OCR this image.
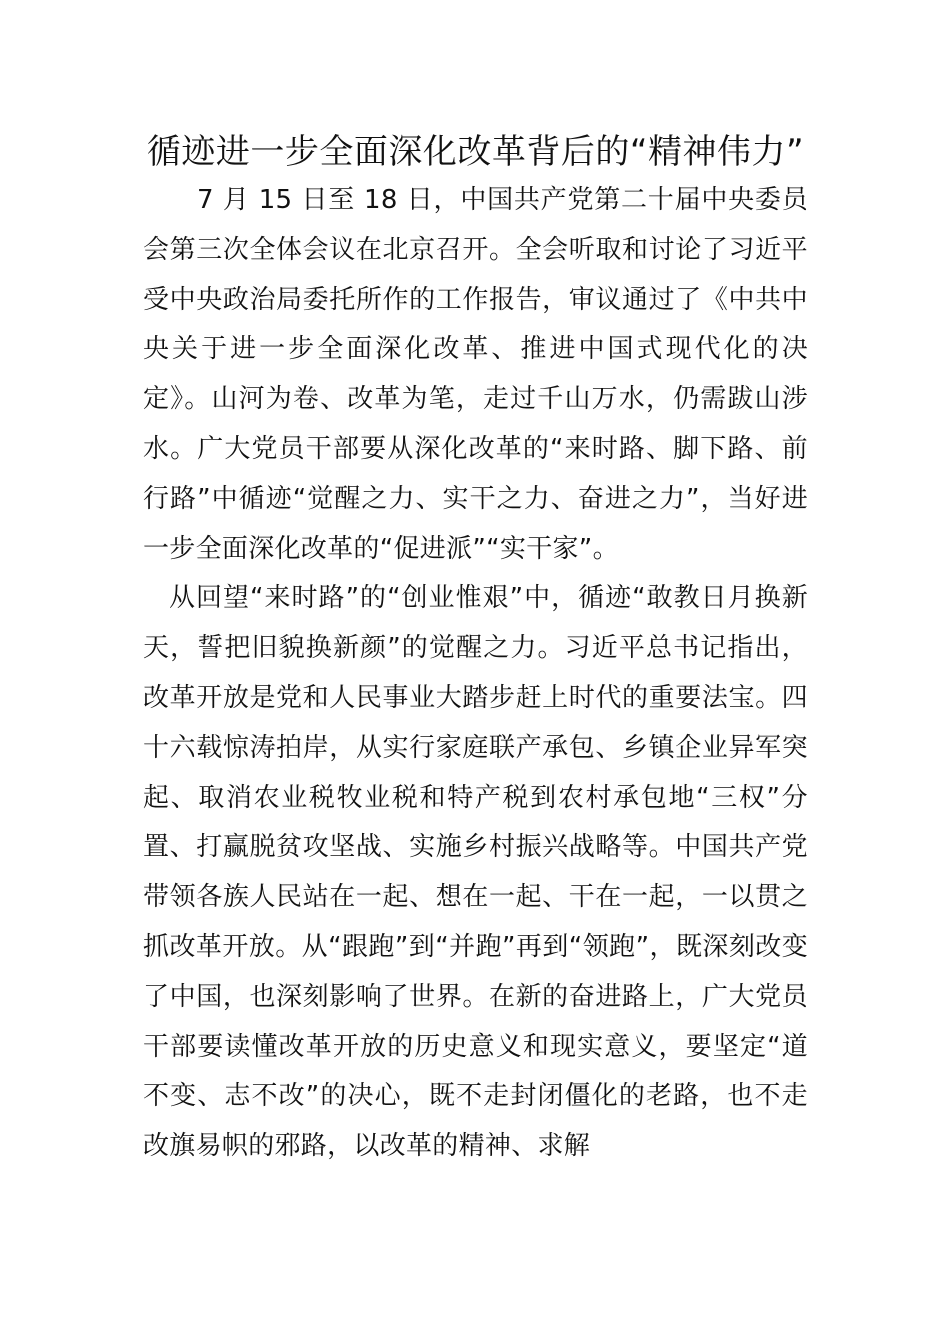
循迹进一步全面深化改革背后的“精神伟力”

7 月 15 日至 18 日，中国共产党第二十届中央委员会第三次全体会议在北京召开。全会听取和讨论了习近平受中央政治局委托所作的工作报告，审议通过了《中共中央关于进一步全面深化改革、推进中国式现代化的决定》。山河为卷、改革为笔，走过千山万水，仍需跋山涉水。广大党员干部要从深化改革的“来时路、脚下路、前行路”中循迹“觉醒之力、实干之力、奋进之力”，当好进一步全面深化改革的“促进派”“实干家”。

从回望“来时路”的“创业惟艰”中，循迹“敢教日月换新天，誓把旧貌换新颜”的觉醒之力。习近平总书记指出，改革开放是党和人民事业大踏步赶上时代的重要法宝。四十六载惊涛拍岸，从实行家庭联产承包、乡镇企业异军突起、取消农业税牧业税和特产税到农村承包地“三权”分置、打赢脱贫攻坚战、实施乡村振兴战略等。中国共产党带领各族人民站在一起、想在一起、干在一起，一以贯之抓改革开放。从“跟跑”到“并跑”再到“领跑”，既深刻改变了中国，也深刻影响了世界。在新的奋进路上，广大党员干部要读懂改革开放的历史意义和现实意义，要坚定“道不变、志不改”的决心，既不走封闭僵化的老路，也不走改旗易帜的邪路，以改革的精神、求解
